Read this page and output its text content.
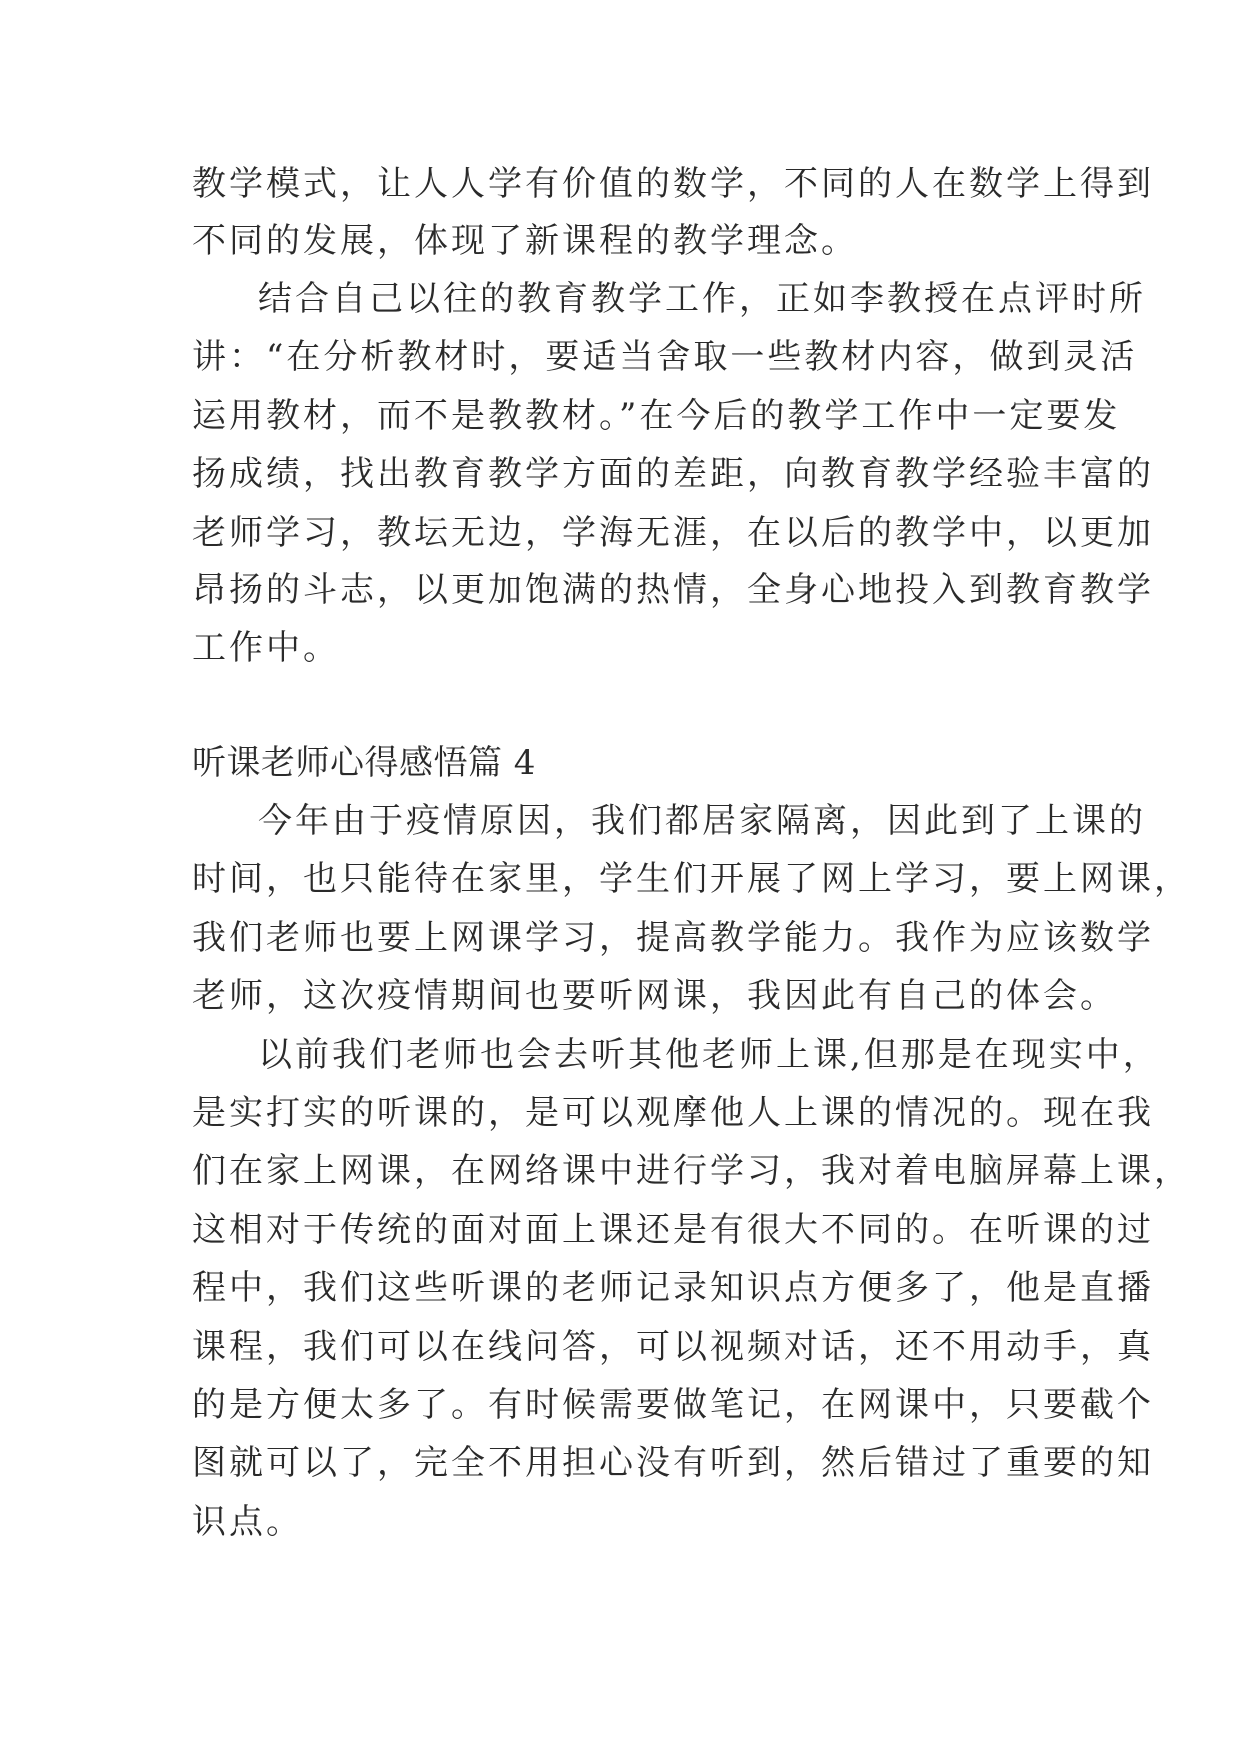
教学模式，让人人学有价值的数学，不同的人在数学上得到
不同的发展，体现了新课程的教学理念。
结合自己以往的教育教学工作，正如李教授在点评时所
讲：“在分析教材时，要适当舍取一些教材内容，做到灵活
运用教材，而不是教教材。”在今后的教学工作中一定要发
扬成绩，找出教育教学方面的差距，向教育教学经验丰富的
老师学习，教坛无边，学海无涯，在以后的教学中，以更加
昂扬的斗志，以更加饱满的热情，全身心地投入到教育教学
工作中。
听课老师心得感悟篇 4
今年由于疫情原因，我们都居家隔离，因此到了上课的
时间，也只能待在家里，学生们开展了网上学习，要上网课，
我们老师也要上网课学习，提高教学能力。我作为应该数学
老师，这次疫情期间也要听网课，我因此有自己的体会。
以前我们老师也会去听其他老师上课,但那是在现实中，
是实打实的听课的，是可以观摩他人上课的情况的。现在我
们在家上网课，在网络课中进行学习，我对着电脑屏幕上课，
这相对于传统的面对面上课还是有很大不同的。在听课的过
程中，我们这些听课的老师记录知识点方便多了，他是直播
课程，我们可以在线问答，可以视频对话，还不用动手，真
的是方便太多了。有时候需要做笔记，在网课中，只要截个
图就可以了，完全不用担心没有听到，然后错过了重要的知
识点。
